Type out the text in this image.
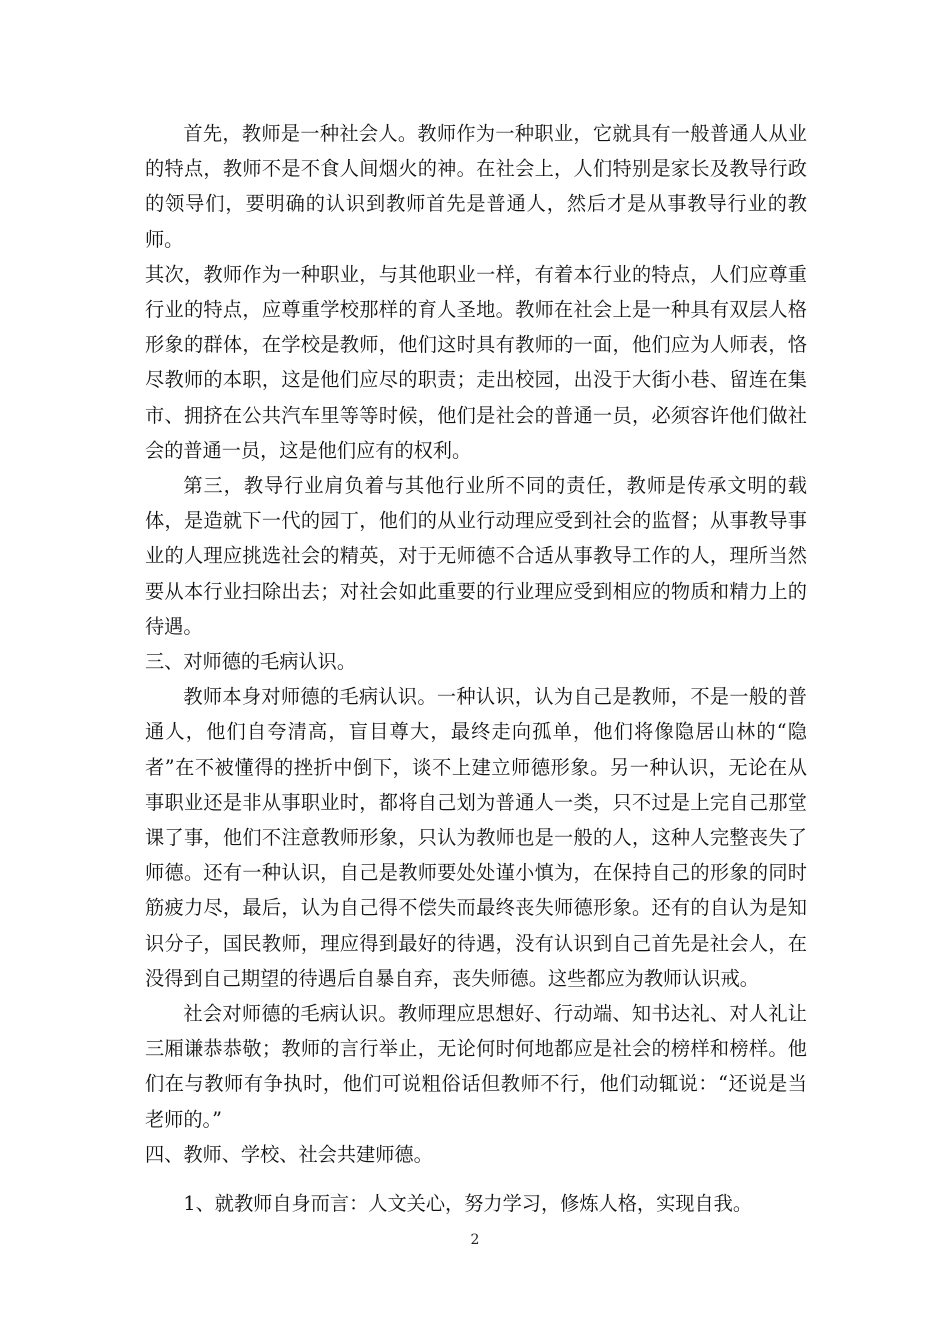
首先，教师是一种社会人。教师作为一种职业，它就具有一般普通人从业的特点，教师不是不食人间烟火的神。在社会上，人们特别是家长及教导行政的领导们，要明确的认识到教师首先是普通人，然后才是从事教导行业的教师。

其次，教师作为一种职业，与其他职业一样，有着本行业的特点，人们应尊重行业的特点，应尊重学校那样的育人圣地。教师在社会上是一种具有双层人格形象的群体，在学校是教师，他们这时具有教师的一面，他们应为人师表，恪尽教师的本职，这是他们应尽的职责；走出校园，出没于大街小巷、留连在集市、拥挤在公共汽车里等等时候，他们是社会的普通一员，必须容许他们做社会的普通一员，这是他们应有的权利。

第三，教导行业肩负着与其他行业所不同的责任，教师是传承文明的载体，是造就下一代的园丁，他们的从业行动理应受到社会的监督；从事教导事业的人理应挑选社会的精英，对于无师德不合适从事教导工作的人，理所当然要从本行业扫除出去；对社会如此重要的行业理应受到相应的物质和精力上的待遇。

三、对师德的毛病认识。

教师本身对师德的毛病认识。一种认识，认为自己是教师，不是一般的普通人，他们自夸清高，盲目尊大，最终走向孤单，他们将像隐居山林的“隐者”在不被懂得的挫折中倒下，谈不上建立师德形象。另一种认识，无论在从事职业还是非从事职业时，都将自己划为普通人一类，只不过是上完自己那堂课了事，他们不注意教师形象，只认为教师也是一般的人，这种人完整丧失了师德。还有一种认识，自己是教师要处处谨小慎为，在保持自己的形象的同时筋疲力尽，最后，认为自己得不偿失而最终丧失师德形象。还有的自认为是知识分子，国民教师，理应得到最好的待遇，没有认识到自己首先是社会人，在没得到自己期望的待遇后自暴自弃，丧失师德。这些都应为教师认识戒。

社会对师德的毛病认识。教师理应思想好、行动端、知书达礼、对人礼让三厢谦恭恭敬；教师的言行举止，无论何时何地都应是社会的榜样和榜样。他们在与教师有争执时，他们可说粗俗话但教师不行，他们动辄说：“还说是当老师的。”

四、教师、学校、社会共建师德。

1、就教师自身而言：人文关心，努力学习，修炼人格，实现自我。

2
